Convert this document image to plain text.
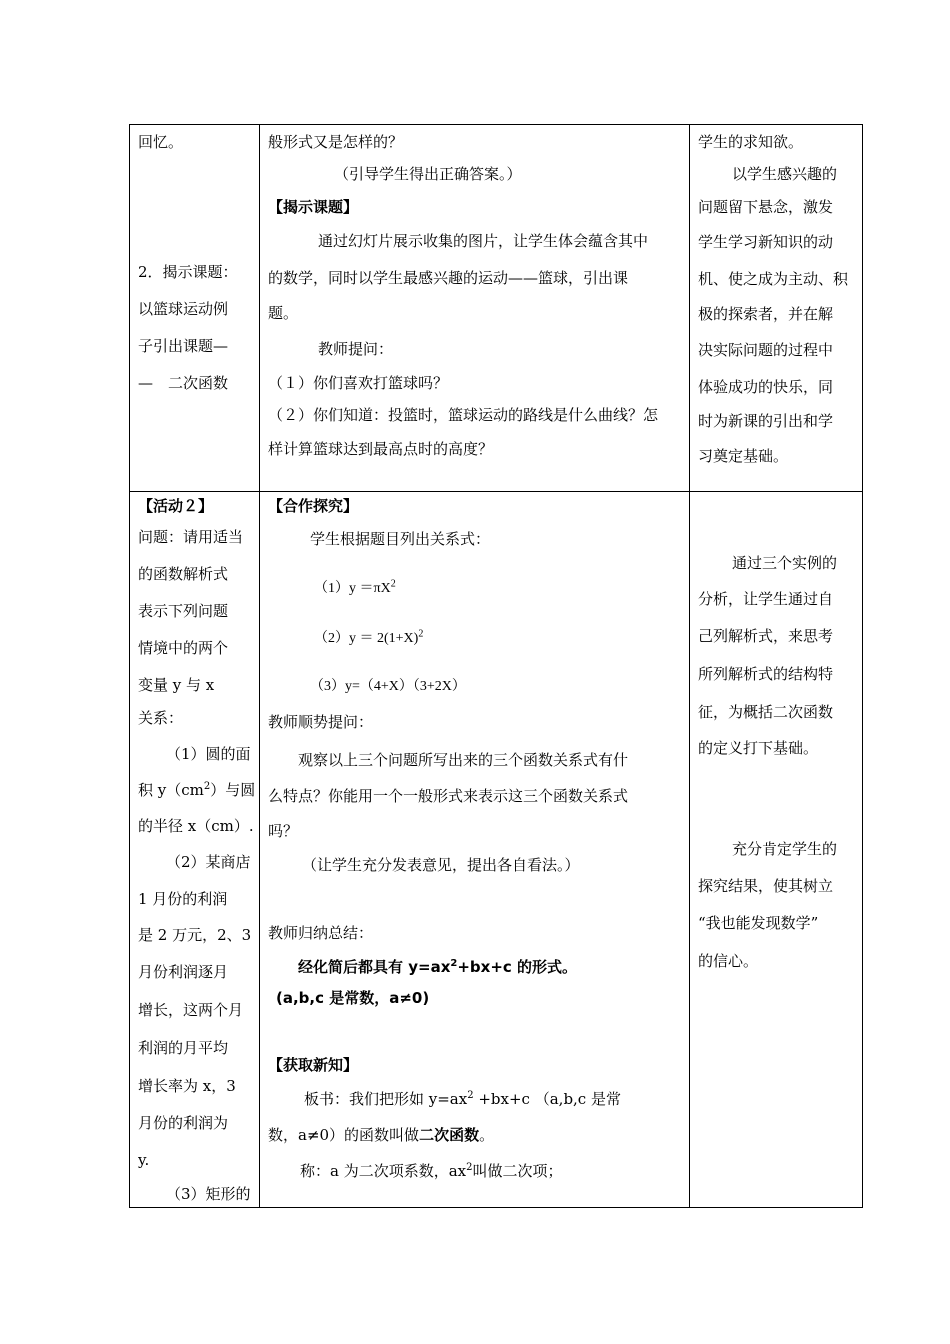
回忆。
2．揭示课题：
以篮球运动例
子引出课题—
—　二次函数
般形式又是怎样的？
（引导学生得出正确答案。）
【揭示课题】
通过幻灯片展示收集的图片，让学生体会蕴含其中
的数学，同时以学生最感兴趣的运动——篮球，引出课
题。
教师提问：
（１）你们喜欢打篮球吗？
（２）你们知道：投篮时，篮球运动的路线是什么曲线？怎
样计算篮球达到最高点时的高度？
学生的求知欲。
以学生感兴趣的
问题留下悬念，激发
学生学习新知识的动
机、使之成为主动、积
极的探索者，并在解
决实际问题的过程中
体验成功的快乐，同
时为新课的引出和学
习奠定基础。
【活动２】
问题：请用适当
的函数解析式
表示下列问题
情境中的两个
变量 y 与 x
关系：
（1）圆的面
积 $y(cm^2)$与圆
的半径 x（cm）.
（2）某商店
1 月份的利润
是 2 万元，2、3
月份利润逐月
增长，这两个月
利润的月平均
增长率为 x，3
月份的利润为
y.
（3）矩形的
【合作探究】
学生根据题目列出关系式：
$(1)y =\pi X^2$
$(2)y = 2(1+X)^2$
（3）y=（4+X）（3+2X）
教师顺势提问：
观察以上三个问题所写出来的三个函数关系式有什
么特点？你能用一个一般形式来表示这三个函数关系式
吗？
（让学生充分发表意见，提出各自看法。）
教师归纳总结：
经化简后都具有 $y=ax^2+bx+c$ 的形式。
(a,b,c 是常数，a≠0)
【获取新知】
板书：我们把形如 $y=ax^2 +bx+c$ （a,b,c 是常
数，a≠0）的函数叫做二次函数。
称：a 为二次项系数，$ax^2$叫做二次项；
通过三个实例的
分析，让学生通过自
己列解析式，来思考
所列解析式的结构特
征，为概括二次函数
的定义打下基础。
充分肯定学生的
探究结果，使其树立
“我也能发现数学”
的信心。
